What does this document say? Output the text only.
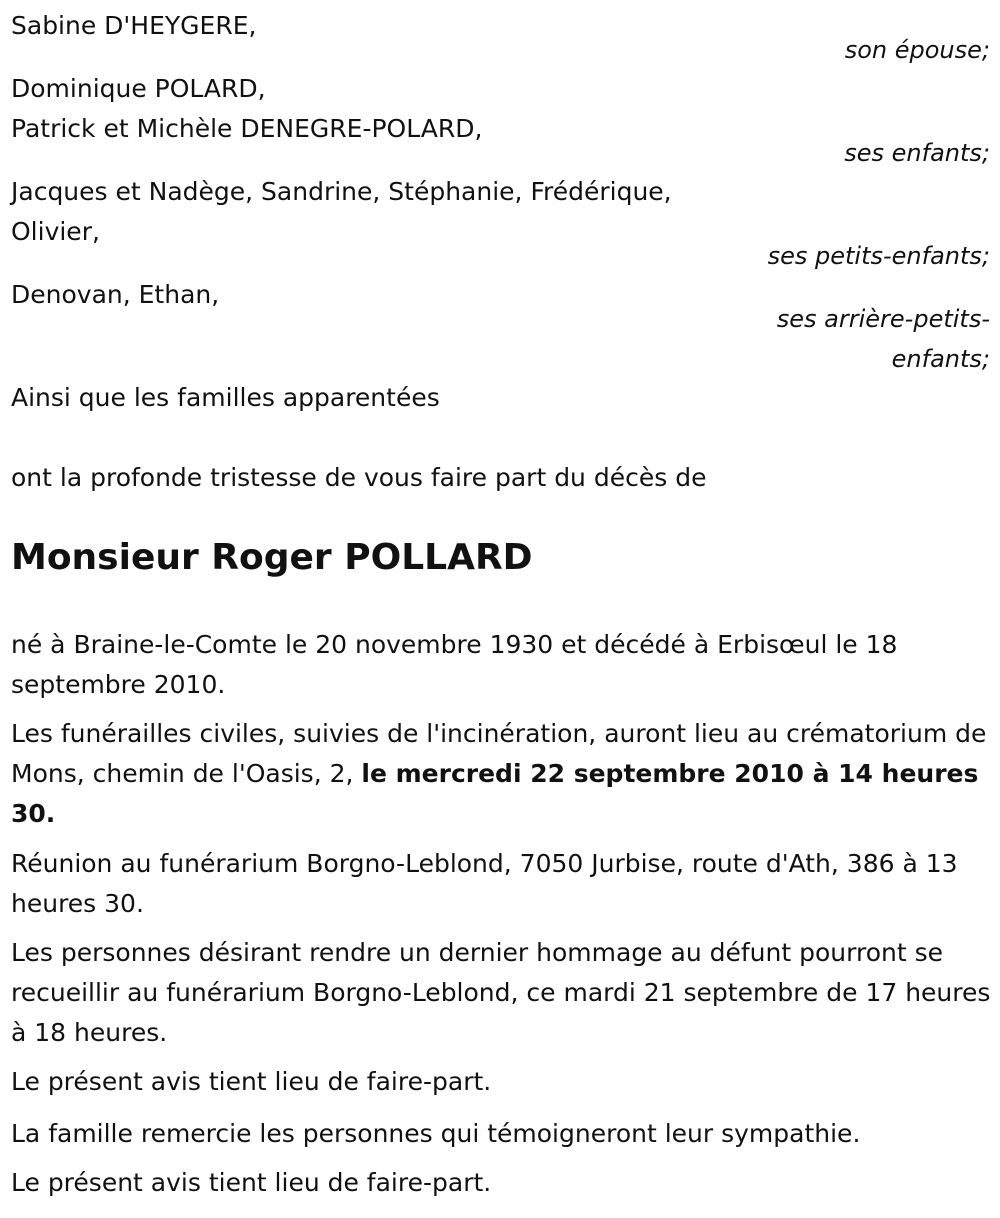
Sabine D'HEYGERE,
son épouse;
Dominique POLARD,
Patrick et Michèle DENEGRE-POLARD,
ses enfants;
Jacques et Nadège, Sandrine, Stéphanie, Frédérique,
Olivier,
ses petits-enfants;
Denovan, Ethan,
ses arrière-petits-
enfants;
Ainsi que les familles apparentées
ont la profonde tristesse de vous faire part du décès de
Monsieur Roger POLLARD
né à Braine-le-Comte le 20 novembre 1930 et décédé à Erbisœul le 18 septembre 2010.
Les funérailles civiles, suivies de l'incinération, auront lieu au crématorium de Mons, chemin de l'Oasis, 2, le mercredi 22 septembre 2010 à 14 heures 30.
Réunion au funérarium Borgno-Leblond, 7050 Jurbise, route d'Ath, 386 à 13 heures 30.
Les personnes désirant rendre un dernier hommage au défunt pourront se recueillir au funérarium Borgno-Leblond, ce mardi 21 septembre de 17 heures à 18 heures.
Le présent avis tient lieu de faire-part.
La famille remercie les personnes qui témoigneront leur sympathie.
Le présent avis tient lieu de faire-part.
